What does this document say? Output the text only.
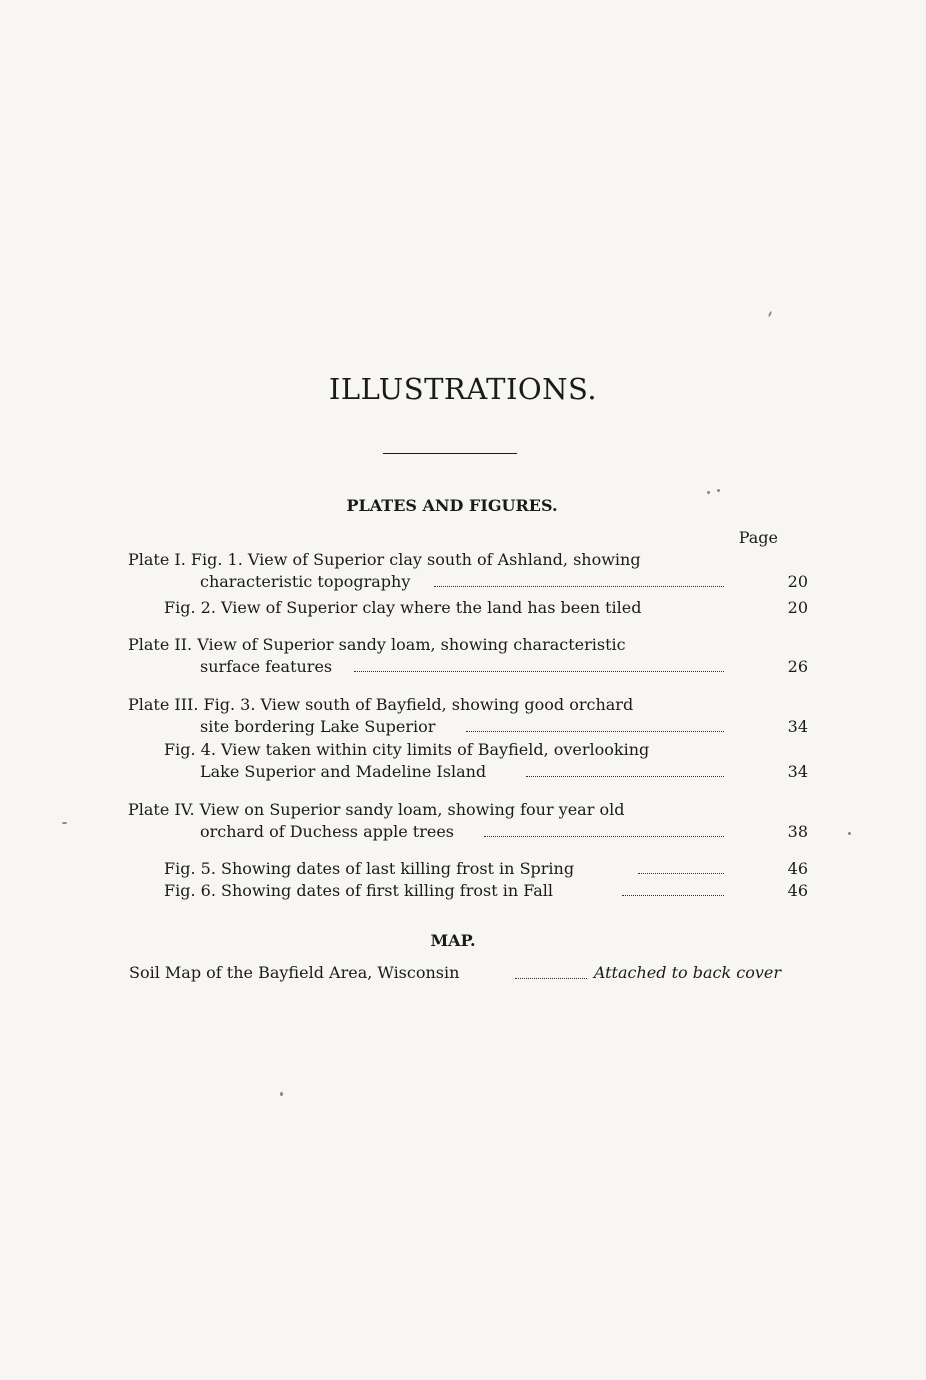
ILLUSTRATIONS.
PLATES AND FIGURES.
Page
Plate I. Fig. 1. View of Superior clay south of Ashland, showing
characteristic topography	20
Fig. 2. View of Superior clay where the land has been tiled	20
Plate II. View of Superior sandy loam, showing characteristic
surface features	26
Plate III. Fig. 3. View south of Bayfield, showing good orchard
site bordering Lake Superior	34
Fig. 4. View taken within city limits of Bayfield, overlooking
Lake Superior and Madeline Island	34
Plate IV. View on Superior sandy loam, showing four year old
orchard of Duchess apple trees	38
Fig. 5. Showing dates of last killing frost in Spring	46
Fig. 6. Showing dates of first killing frost in Fall	46
MAP.
Soil Map of the Bayfield Area, Wisconsin	Attached to back cover
